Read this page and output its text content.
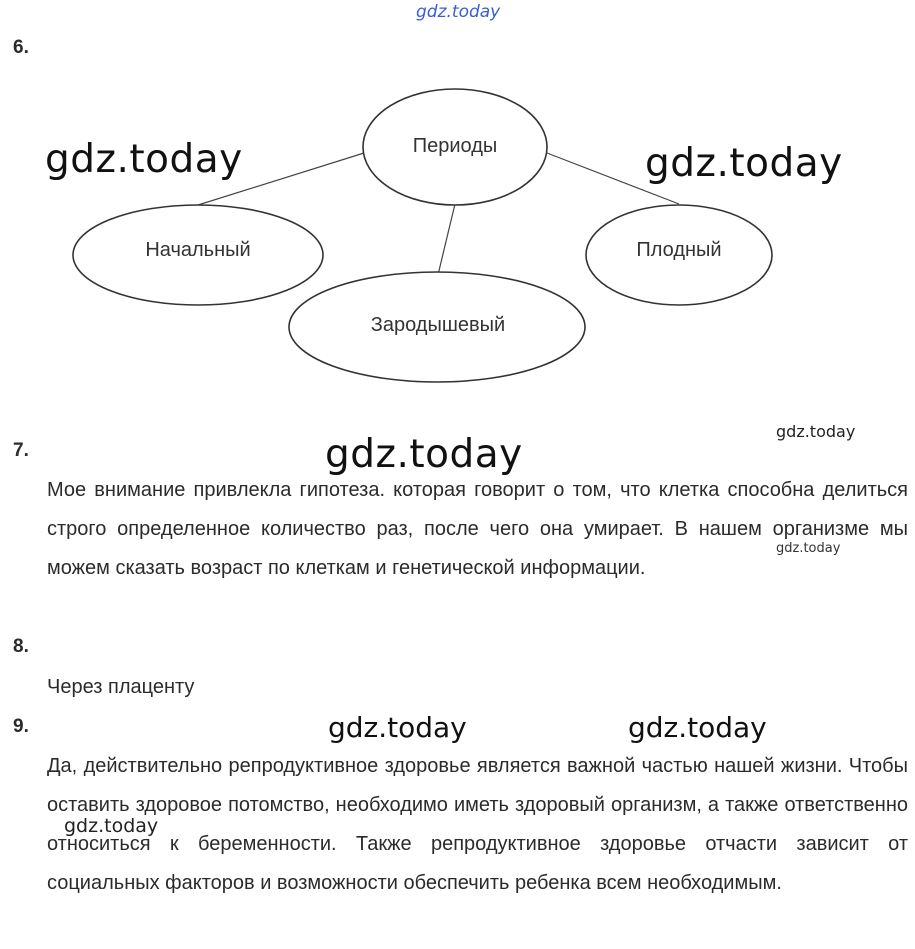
gdz.today
6.
Периоды
Начальный
Зародышевый
Плодный
gdz.today	gdz.today
gdz.today
7.	gdz.today
Мое внимание привлекла гипотеза. которая говорит о том, что клетка способна делиться строго определенное количество раз, после чего она умирает. В нашем организме мы можем сказать возраст по клеткам и генетической информации.
gdz.today
8.
Через плаценту
9.	gdz.today	gdz.today
Да, действительно репродуктивное здоровье является важной частью нашей жизни. Чтобы оставить здоровое потомство, необходимо иметь здоровый организм, а также ответственно относиться к беременности. Также репродуктивное здоровье отчасти зависит от социальных факторов и возможности обеспечить ребенка всем необходимым.
gdz.today
